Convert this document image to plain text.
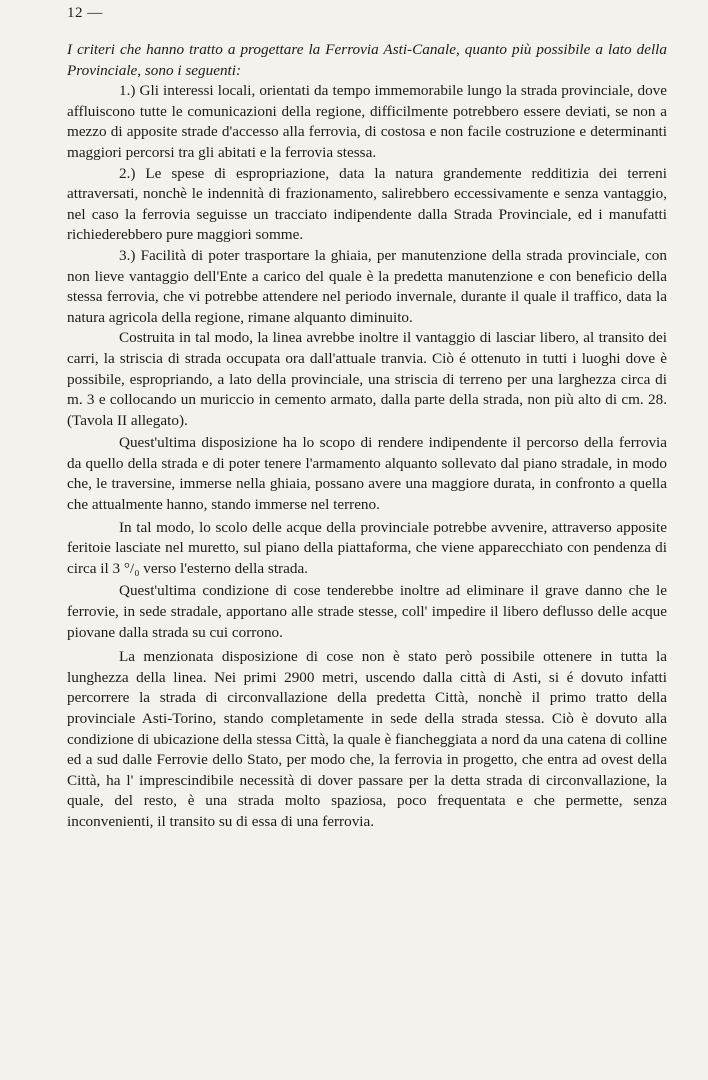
12 —

I criteri che hanno tratto a progettare la Ferrovia Asti-Canale, quanto più possibile a lato della Provinciale, sono i seguenti:

1.) Gli interessi locali, orientati da tempo immemorabile lungo la strada provinciale, dove affluiscono tutte le comunicazioni della regione, difficilmente potrebbero essere deviati, se non a mezzo di apposite strade d'accesso alla ferrovia, di costosa e non facile costruzione e determinanti maggiori percorsi tra gli abitati e la ferrovia stessa.

2.) Le spese di espropriazione, data la natura grandemente redditizia dei terreni attraversati, nonchè le indennità di frazionamento, salirebbero eccessivamente e senza vantaggio, nel caso la ferrovia seguisse un tracciato indipendente dalla Strada Provinciale, ed i manufatti richiederebbero pure maggiori somme.

3.) Facilità di poter trasportare la ghiaia, per manutenzione della strada provinciale, con non lieve vantaggio dell'Ente a carico del quale è la predetta manutenzione e con beneficio della stessa ferrovia, che vi potrebbe attendere nel periodo invernale, durante il quale il traffico, data la natura agricola della regione, rimane alquanto diminuito.

Costruita in tal modo, la linea avrebbe inoltre il vantaggio di lasciar libero, al transito dei carri, la striscia di strada occupata ora dall'attuale tranvia. Ciò é ottenuto in tutti i luoghi dove è possibile, espropriando, a lato della provinciale, una striscia di terreno per una larghezza circa di m. 3 e collocando un muriccio in cemento armato, dalla parte della strada, non più alto di cm. 28. (Tavola II allegato).

Quest'ultima disposizione ha lo scopo di rendere indipendente il percorso della ferrovia da quello della strada e di poter tenere l'armamento alquanto sollevato dal piano stradale, in modo che, le traversine, immerse nella ghiaia, possano avere una maggiore durata, in confronto a quella che attualmente hanno, stando immerse nel terreno.

In tal modo, lo scolo delle acque della provinciale potrebbe avvenire, attraverso apposite feritoie lasciate nel muretto, sul piano della piattaforma, che viene apparecchiato con pendenza di circa il 3 °/₀ verso l'esterno della strada.

Quest'ultima condizione di cose tenderebbe inoltre ad eliminare il grave danno che le ferrovie, in sede stradale, apportano alle strade stesse, coll' impedire il libero deflusso delle acque piovane dalla strada su cui corrono.

La menzionata disposizione di cose non è stato però possibile ottenere in tutta la lunghezza della linea. Nei primi 2900 metri, uscendo dalla città di Asti, si é dovuto infatti percorrere la strada di circonvallazione della predetta Città, nonchè il primo tratto della provinciale Asti-Torino, stando completamente in sede della strada stessa. Ciò è dovuto alla condizione di ubicazione della stessa Città, la quale è fiancheggiata a nord da una catena di colline ed a sud dalle Ferrovie dello Stato, per modo che, la ferrovia in progetto, che entra ad ovest della Città, ha l' imprescindibile necessità di dover passare per la detta strada di circonvallazione, la quale, del resto, è una strada molto spaziosa, poco frequentata e che permette, senza inconvenienti, il transito su di essa di una ferrovia.
